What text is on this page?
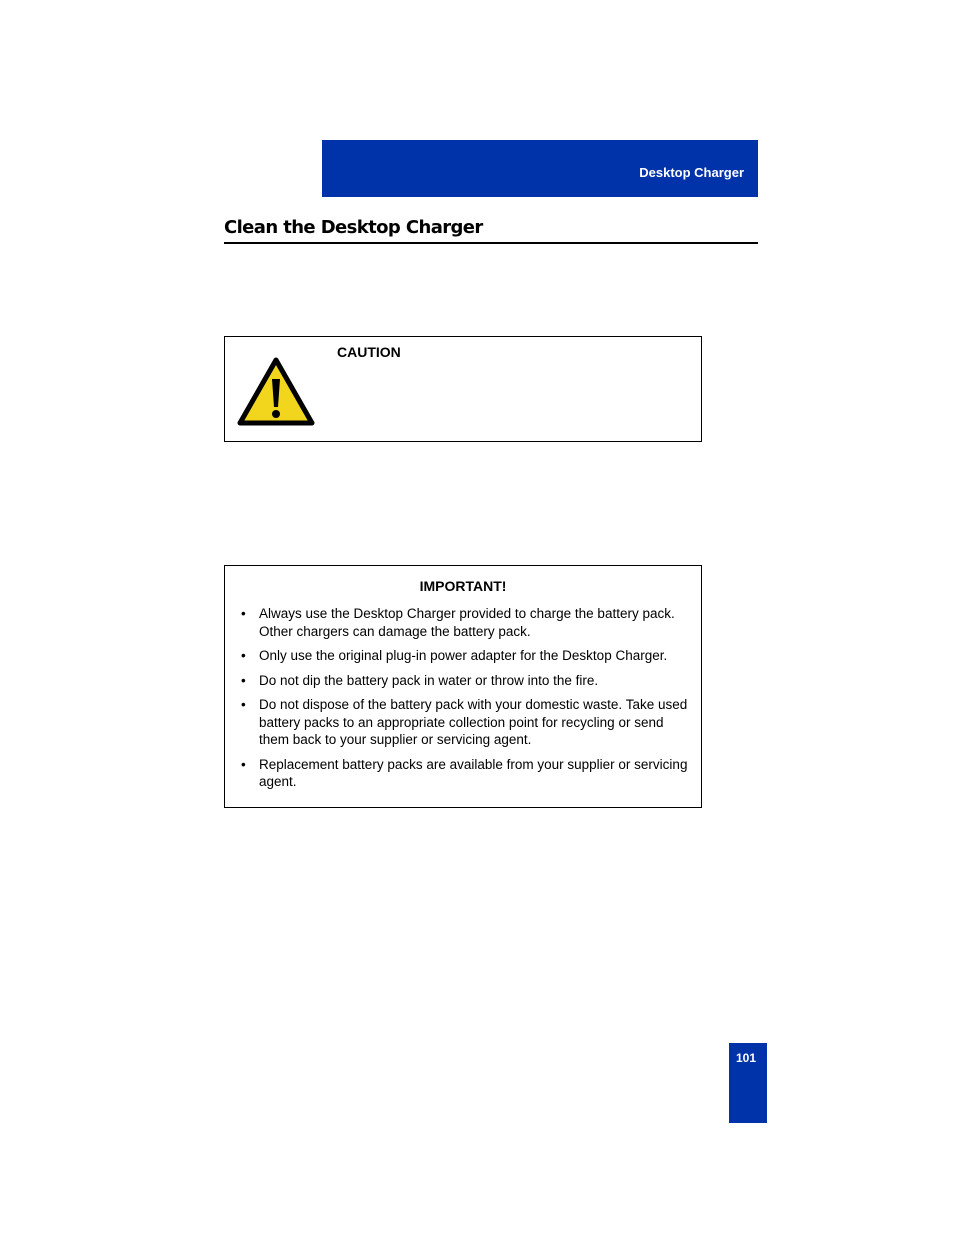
Desktop Charger
Clean the Desktop Charger
CAUTION
IMPORTANT!
• Always use the Desktop Charger provided to charge the battery pack. Other chargers can damage the battery pack.
• Only use the original plug-in power adapter for the Desktop Charger.
• Do not dip the battery pack in water or throw into the fire.
• Do not dispose of the battery pack with your domestic waste. Take used battery packs to an appropriate collection point for recycling or send them back to your supplier or servicing agent.
• Replacement battery packs are available from your supplier or servicing agent.
101
